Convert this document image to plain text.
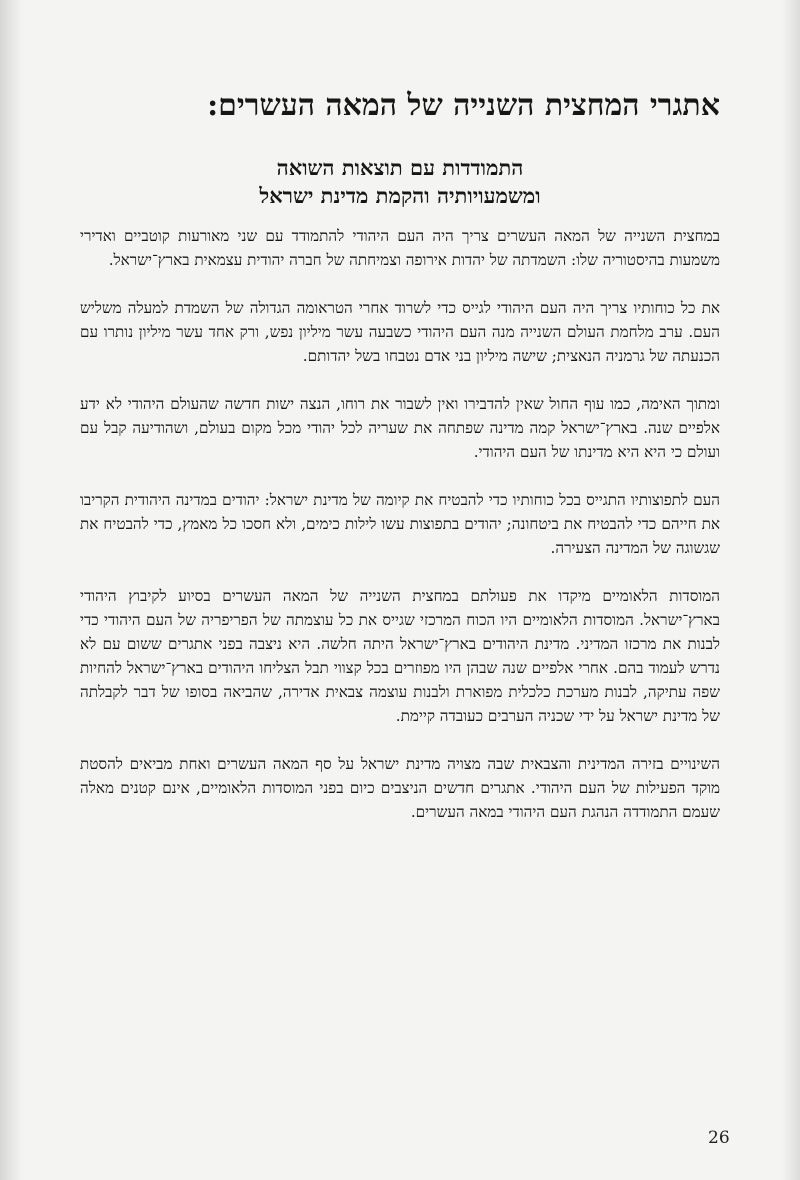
אתגרי המחצית השנייה של המאה העשרים:
התמודדות עם תוצאות השואה
ומשמעויותיה והקמת מדינת ישראל

במחצית השנייה של המאה העשרים צריך היה העם היהודי להתמודד עם שני מאורעות קוטביים ואדירי משמעות בהיסטוריה שלו: השמדתה של יהדות אירופה וצמיחתה של חברה יהודית עצמאית בארץ־ישראל.

את כל כוחותיו צריך היה העם היהודי לגייס כדי לשרוד אחרי הטראומה הגדולה של השמדת למעלה משליש העם. ערב מלחמת העולם השנייה מנה העם היהודי כשבעה עשר מיליון נפש, ורק אחד עשר מיליון נותרו עם הכנעתה של גרמניה הנאצית; שישה מיליון בני אדם נטבחו בשל יהדותם.

ומתוך האימה, כמו עוף החול שאין להדבירו ואין לשבור את רוחו, הנצה ישות חדשה שהעולם היהודי לא ידע אלפיים שנה. בארץ־ישראל קמה מדינה שפתחה את שעריה לכל יהודי מכל מקום בעולם, ושהודיעה קבל עם ועולם כי היא היא מדינתו של העם היהודי.

העם לתפוצותיו התגייס בכל כוחותיו כדי להבטיח את קיומה של מדינת ישראל: יהודים במדינה היהודית הקריבו את חייהם כדי להבטיח את ביטחונה; יהודים בתפוצות עשו לילות כימים, ולא חסכו כל מאמץ, כדי להבטיח את שגשוגה של המדינה הצעירה.

המוסדות הלאומיים מיקדו את פעולתם במחצית השנייה של המאה העשרים בסיוע לקיבוץ היהודי בארץ־ישראל. המוסדות הלאומיים היו הכוח המרכזי שגייס את כל עוצמתה של הפריפריה של העם היהודי כדי לבנות את מרכזו המדיני. מדינת היהודים בארץ־ישראל היתה חלשה. היא ניצבה בפני אתגרים ששום עם לא נדרש לעמוד בהם. אחרי אלפיים שנה שבהן היו מפוזרים בכל קצווי תבל הצליחו היהודים בארץ־ישראל להחיות שפה עתיקה, לבנות מערכת כלכלית מפוארת ולבנות עוצמה צבאית אדירה, שהביאה בסופו של דבר לקבלתה של מדינת ישראל על ידי שכניה הערבים כעובדה קיימת.

השינויים בזירה המדינית והצבאית שבה מצויה מדינת ישראל על סף המאה העשרים ואחת מביאים להסטת מוקד הפעילות של העם היהודי. אתגרים חדשים הניצבים כיום בפני המוסדות הלאומיים, אינם קטנים מאלה שעמם התמודדה הנהגת העם היהודי במאה העשרים.

26
